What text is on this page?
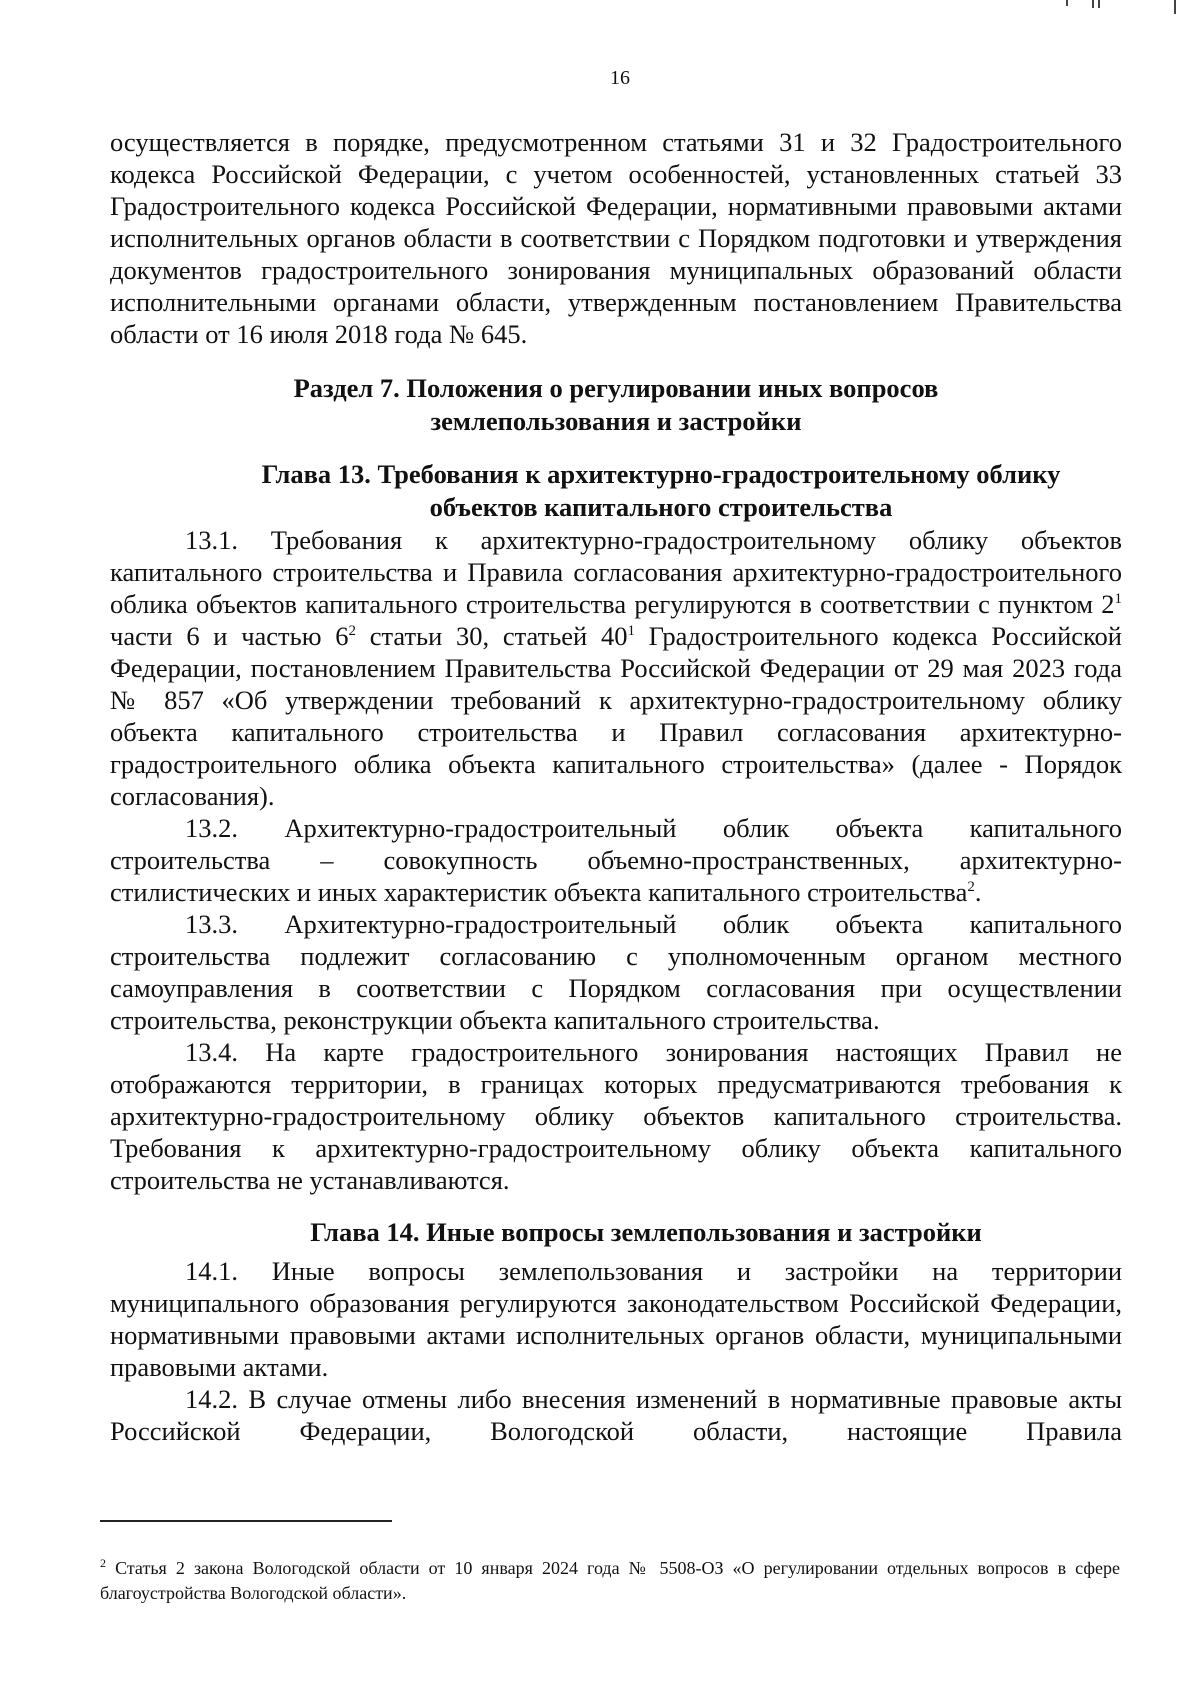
16

осуществляется в порядке, предусмотренном статьями 31 и 32 Градостроительного кодекса Российской Федерации, с учетом особенностей, установленных статьей 33 Градостроительного кодекса Российской Федерации, нормативными правовыми актами исполнительных органов области в соответствии с Порядком подготовки и утверждения документов градостроительного зонирования муниципальных образований области исполнительными органами области, утвержденным постановлением Правительства области от 16 июля 2018 года № 645.

Раздел 7. Положения о регулировании иных вопросов
землепользования и застройки
Глава 13. Требования к архитектурно-градостроительному облику
объектов капитального строительства

13.1. Требования к архитектурно-градостроительному облику объектов капитального строительства и Правила согласования архитектурно-градостроительного облика объектов капитального строительства регулируются в соответствии с пунктом $2^1$ части 6 и частью $6^2$ статьи 30, статьей $40^1$ Градостроительного кодекса Российской Федерации, постановлением Правительства Российской Федерации от 29 мая 2023 года № 857 «Об утверждении требований к архитектурно-градостроительному облику объекта капитального строительства и Правил согласования архитектурно-градостроительного облика объекта капитального строительства» (далее - Порядок согласования).

13.2. Архитектурно-градостроительный облик объекта капитального строительства – совокупность объемно-пространственных, архитектурно-стилистических и иных характеристик объекта капитального строительства$^2$.

13.3. Архитектурно-градостроительный облик объекта капитального строительства подлежит согласованию с уполномоченным органом местного самоуправления в соответствии с Порядком согласования при осуществлении строительства, реконструкции объекта капитального строительства.

13.4. На карте градостроительного зонирования настоящих Правил не отображаются территории, в границах которых предусматриваются требования к архитектурно-градостроительному облику объектов капитального строительства. Требования к архитектурно-градостроительному облику объекта капитального строительства не устанавливаются.

Глава 14. Иные вопросы землепользования и застройки

14.1. Иные вопросы землепользования и застройки на территории муниципального образования регулируются законодательством Российской Федерации, нормативными правовыми актами исполнительных органов области, муниципальными правовыми актами.

14.2. В случае отмены либо внесения изменений в нормативные правовые акты Российской Федерации, Вологодской области, настоящие Правила

$^2$ Статья 2 закона Вологодской области от 10 января 2024 года № 5508-ОЗ «О регулировании отдельных вопросов в сфере благоустройства Вологодской области».
